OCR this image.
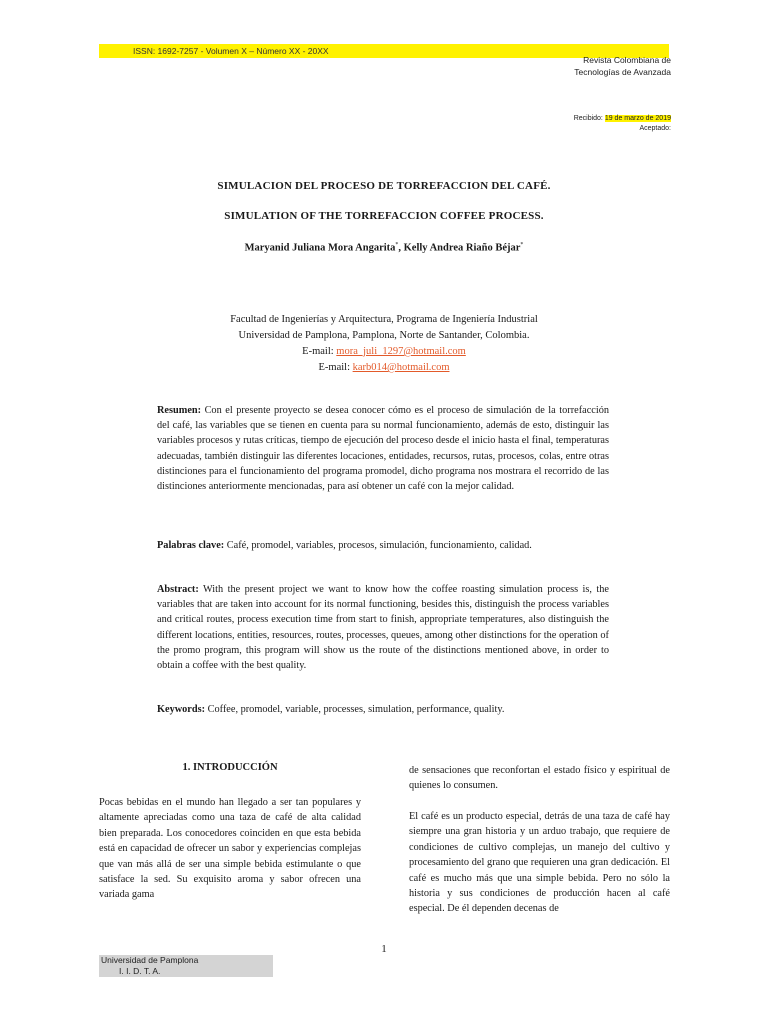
ISSN: 1692-7257 - Volumen X – Número XX - 20XX
Revista Colombiana de
Tecnologías de Avanzada
Recibido: 19 de marzo de 2019
Aceptado:
SIMULACION DEL PROCESO DE TORREFACCION DEL CAFÉ.
SIMULATION OF THE TORREFACCION COFFEE PROCESS.
Maryanid Juliana Mora Angarita*, Kelly Andrea Riaño Béjar*
Facultad de Ingenierías y Arquitectura, Programa de Ingeniería Industrial
Universidad de Pamplona, Pamplona, Norte de Santander, Colombia.
E-mail: mora_juli_1297@hotmail.com
E-mail: karb014@hotmail.com
Resumen: Con el presente proyecto se desea conocer cómo es el proceso de simulación de la torrefacción del café, las variables que se tienen en cuenta para su normal funcionamiento, además de esto, distinguir las variables procesos y rutas críticas, tiempo de ejecución del proceso desde el inicio hasta el final, temperaturas adecuadas, también distinguir las diferentes locaciones, entidades, recursos, rutas, procesos, colas, entre otras distinciones para el funcionamiento del programa promodel, dicho programa nos mostrara el recorrido de las distinciones anteriormente mencionadas, para así obtener un café con la mejor calidad.
Palabras clave: Café, promodel, variables, procesos, simulación, funcionamiento, calidad.
Abstract: With the present project we want to know how the coffee roasting simulation process is, the variables that are taken into account for its normal functioning, besides this, distinguish the process variables and critical routes, process execution time from start to finish, appropriate temperatures, also distinguish the different locations, entities, resources, routes, processes, queues, among other distinctions for the operation of the promo program, this program will show us the route of the distinctions mentioned above, in order to obtain a coffee with the best quality.
Keywords: Coffee, promodel, variable, processes, simulation, performance, quality.
1. INTRODUCCIÓN
Pocas bebidas en el mundo han llegado a ser tan populares y altamente apreciadas como una taza de café de alta calidad bien preparada. Los conocedores coinciden en que esta bebida está en capacidad de ofrecer un sabor y experiencias complejas que van más allá de ser una simple bebida estimulante o que satisface la sed. Su exquisito aroma y sabor ofrecen una variada gama
de sensaciones que reconfortan el estado físico y espiritual de quienes lo consumen.
El café es un producto especial, detrás de una taza de café hay siempre una gran historia y un arduo trabajo, que requiere de condiciones de cultivo complejas, un manejo del cultivo y procesamiento del grano que requieren una gran dedicación. El café es mucho más que una simple bebida. Pero no sólo la historia y sus condiciones de producción hacen al café especial. De él dependen decenas de
1
Universidad de Pamplona
I. I. D. T. A.
